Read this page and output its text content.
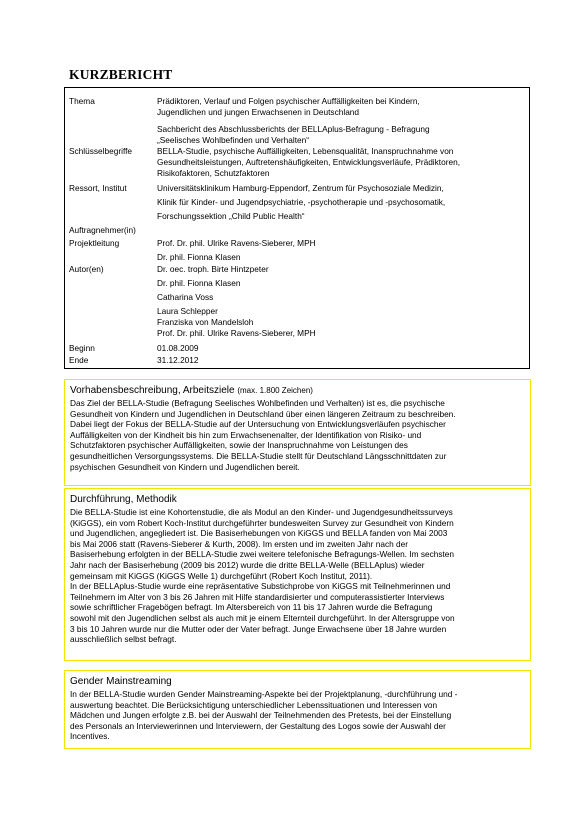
KURZBERICHT
Thema	Prädiktoren, Verlauf und Folgen psychischer Auffälligkeiten bei Kindern,
Jugendlichen und jungen Erwachsenen in Deutschland
Sachbericht des Abschlussberichts der BELLAplus-Befragung - Befragung
„Seelisches Wohlbefinden und Verhalten“
Schlüsselbegriffe	BELLA-Studie, psychische Auffälligkeiten, Lebensqualität, Inanspruchnahme von
Gesundheitsleistungen, Auftretenshäufigkeiten, Entwicklungsverläufe, Prädiktoren,
Risikofaktoren, Schutzfaktoren
Ressort, Institut	Universitätsklinikum Hamburg-Eppendorf, Zentrum für Psychosoziale Medizin,
Klinik für Kinder- und Jugendpsychiatrie, -psychotherapie und -psychosomatik,
Forschungssektion „Child Public Health“
Auftragnehmer(in)
Projektleitung	Prof. Dr. phil. Ulrike Ravens-Sieberer, MPH
Dr. phil. Fionna Klasen
Autor(en)	Dr. oec. troph. Birte Hintzpeter
Dr. phil. Fionna Klasen
Catharina Voss
Laura Schlepper
Franziska von Mandelsloh
Prof. Dr. phil. Ulrike Ravens-Sieberer, MPH
Beginn	01.08.2009
Ende	31.12.2012
Vorhabensbeschreibung, Arbeitsziele (max. 1.800 Zeichen)

Das Ziel der BELLA-Studie (Befragung Seelisches Wohlbefinden und Verhalten) ist es, die psychische
Gesundheit von Kindern und Jugendlichen in Deutschland über einen längeren Zeitraum zu beschreiben.
Dabei liegt der Fokus der BELLA-Studie auf der Untersuchung von Entwicklungsverläufen psychischer
Auffälligkeiten von der Kindheit bis hin zum Erwachsenenalter, der Identifikation von Risiko- und
Schutzfaktoren psychischer Auffälligkeiten, sowie der Inanspruchnahme von Leistungen des
gesundheitlichen Versorgungssystems. Die BELLA-Studie stellt für Deutschland Längsschnittdaten zur
psychischen Gesundheit von Kindern und Jugendlichen bereit.

Durchführung, Methodik

Die BELLA-Studie ist eine Kohortenstudie, die als Modul an den Kinder- und Jugendgesundheitssurveys
(KiGGS), ein vom Robert Koch-Institut durchgeführter bundesweiten Survey zur Gesundheit von Kindern
und Jugendlichen, angegliedert ist. Die Basiserhebungen von KiGGS und BELLA fanden von Mai 2003
bis Mai 2006 statt (Ravens-Sieberer & Kurth, 2008). Im ersten und im zweiten Jahr nach der
Basiserhebung erfolgten in der BELLA-Studie zwei weitere telefonische Befragungs-Wellen. Im sechsten
Jahr nach der Basiserhebung (2009 bis 2012) wurde die dritte BELLA-Welle (BELLAplus) wieder
gemeinsam mit KiGGS (KiGGS Welle 1) durchgeführt (Robert Koch Institut, 2011).
In der BELLAplus-Studie wurde eine repräsentative Substichprobe von KiGGS mit Teilnehmerinnen und
Teilnehmern im Alter von 3 bis 26 Jahren mit Hilfe standardisierter und computerassistierter Interviews
sowie schriftlicher Fragebögen befragt. Im Altersbereich von 11 bis 17 Jahren wurde die Befragung
sowohl mit den Jugendlichen selbst als auch mit je einem Elternteil durchgeführt. In der Altersgruppe von
3 bis 10 Jahren wurde nur die Mutter oder der Vater befragt. Junge Erwachsene über 18 Jahre wurden
ausschließlich selbst befragt.

Gender Mainstreaming

In der BELLA-Studie wurden Gender Mainstreaming-Aspekte bei der Projektplanung, -durchführung und -
auswertung beachtet. Die Berücksichtigung unterschiedlicher Lebenssituationen und Interessen von
Mädchen und Jungen erfolgte z.B. bei der Auswahl der Teilnehmenden des Pretests, bei der Einstellung
des Personals an Interviewerinnen und Interviewern, der Gestaltung des Logos sowie der Auswahl der
Incentives.
